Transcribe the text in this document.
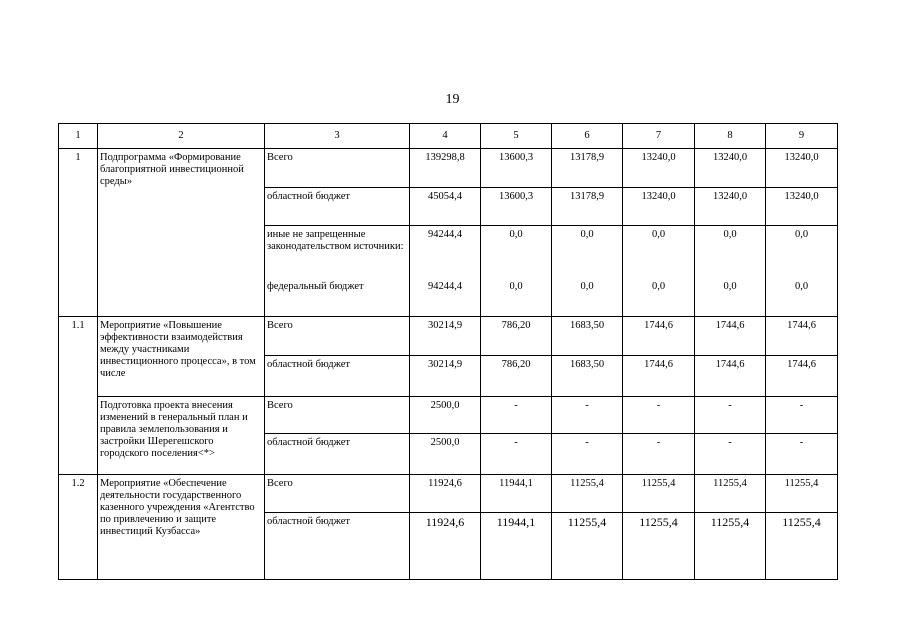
19
1	2	3	4	5	6	7	8	9
1	Подпрограмма «Формирование благоприятной инвестиционной среды»	Всего	139298,8	13600,3	13178,9	13240,0	13240,0	13240,0
		областной бюджет	45054,4	13600,3	13178,9	13240,0	13240,0	13240,0
		иные не запрещенные законодательством источники:	94244,4	0,0	0,0	0,0	0,0	0,0
		федеральный бюджет	94244,4	0,0	0,0	0,0	0,0	0,0
1.1	Мероприятие «Повышение эффективности взаимодействия между участниками инвестиционного процесса», в том числе	Всего	30214,9	786,20	1683,50	1744,6	1744,6	1744,6
		областной бюджет	30214,9	786,20	1683,50	1744,6	1744,6	1744,6
	Подготовка проекта внесения изменений в генеральный план и правила землепользования и застройки Шерегешского городского поселения<*>	Всего	2500,0	-	-	-	-	-
		областной бюджет	2500,0	-	-	-	-	-
1.2	Мероприятие «Обеспечение деятельности государственного казенного учреждения «Агентство по привлечению и защите инвестиций Кузбасса»	Всего	11924,6	11944,1	11255,4	11255,4	11255,4	11255,4
		областной бюджет	11924,6	11944,1	11255,4	11255,4	11255,4	11255,4
